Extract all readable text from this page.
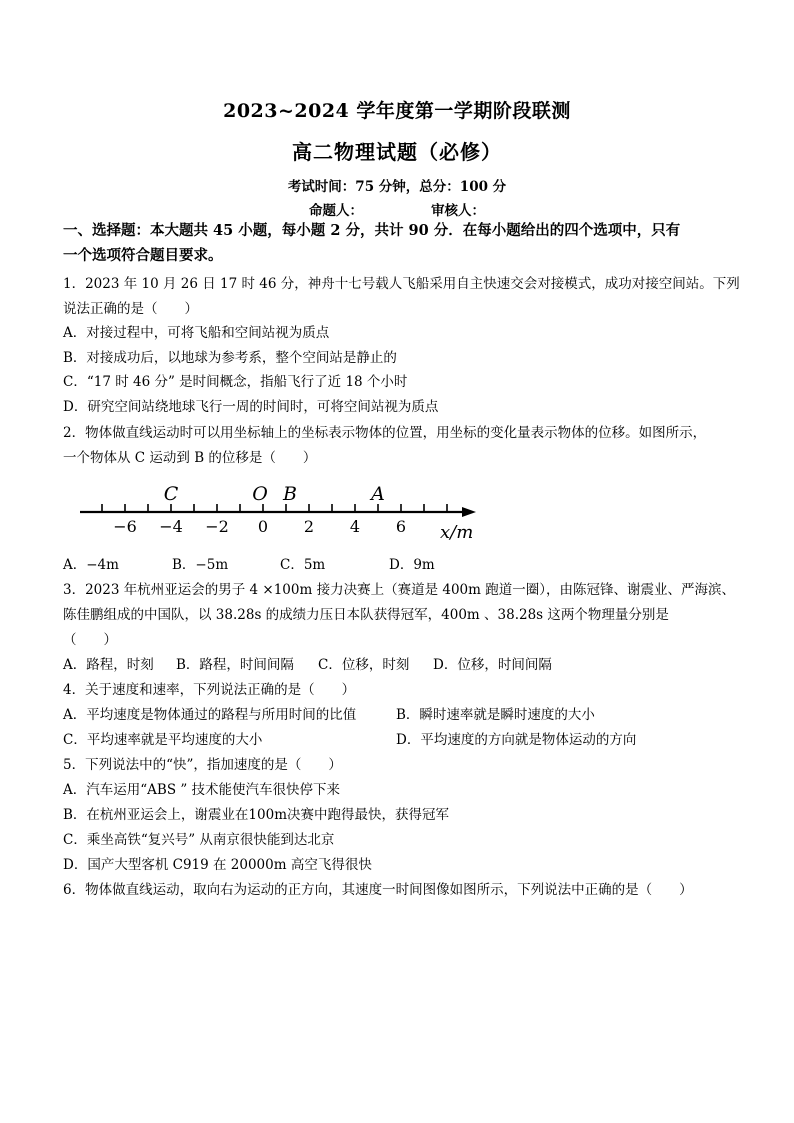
2023~2024 学年度第一学期阶段联测
高二物理试题（必修）
考试时间：75 分钟，总分：100 分
命题人：	审核人：
一、选择题：本大题共 45 小题，每小题 2 分，共计 90 分．在每小题给出的四个选项中，只有
一个选项符合题目要求。
1．2023 年 10 月 26 日 17 时 46 分，神舟十七号载人飞船采用自主快速交会对接模式，成功对接空间站。下列
说法正确的是（　　）
A．对接过程中，可将飞船和空间站视为质点
B．对接成功后，以地球为参考系，整个空间站是静止的
C．“17 时 46 分” 是时间概念，指船飞行了近 18 个小时
D．研究空间站绕地球飞行一周的时间时，可将空间站视为质点
2．物体做直线运动时可以用坐标轴上的坐标表示物体的位置，用坐标的变化量表示物体的位移。如图所示，
一个物体从 C 运动到 B 的位移是（　　）
−6 −4 −2 0 2 4 6
C	O B	A
x/m
A．−4m	B．−5m	C．5m	D．9m
3．2023 年杭州亚运会的男子 4 ×100m 接力决赛上（赛道是 400m 跑道一圈），由陈冠锋、谢震业、严海滨、
陈佳鹏组成的中国队，以 38.28s 的成绩力压日本队获得冠军，400m 、38.28s 这两个物理量分别是
（　　）
A．路程，时刻 B．路程，时间间隔 C．位移，时刻 D．位移，时间间隔
4．关于速度和速率，下列说法正确的是（　　）
A．平均速度是物体通过的路程与所用时间的比值	B．瞬时速率就是瞬时速度的大小
C．平均速率就是平均速度的大小	D．平均速度的方向就是物体运动的方向
5．下列说法中的“快”，指加速度的是（　　）
A．汽车运用“ABS ” 技术能使汽车很快停下来
B．在杭州亚运会上，谢震业在100m决赛中跑得最快，获得冠军
C．乘坐高铁“复兴号” 从南京很快能到达北京
D．国产大型客机 C919 在 20000m 高空飞得很快
6．物体做直线运动，取向右为运动的正方向，其速度一时间图像如图所示，下列说法中正确的是（　　）
